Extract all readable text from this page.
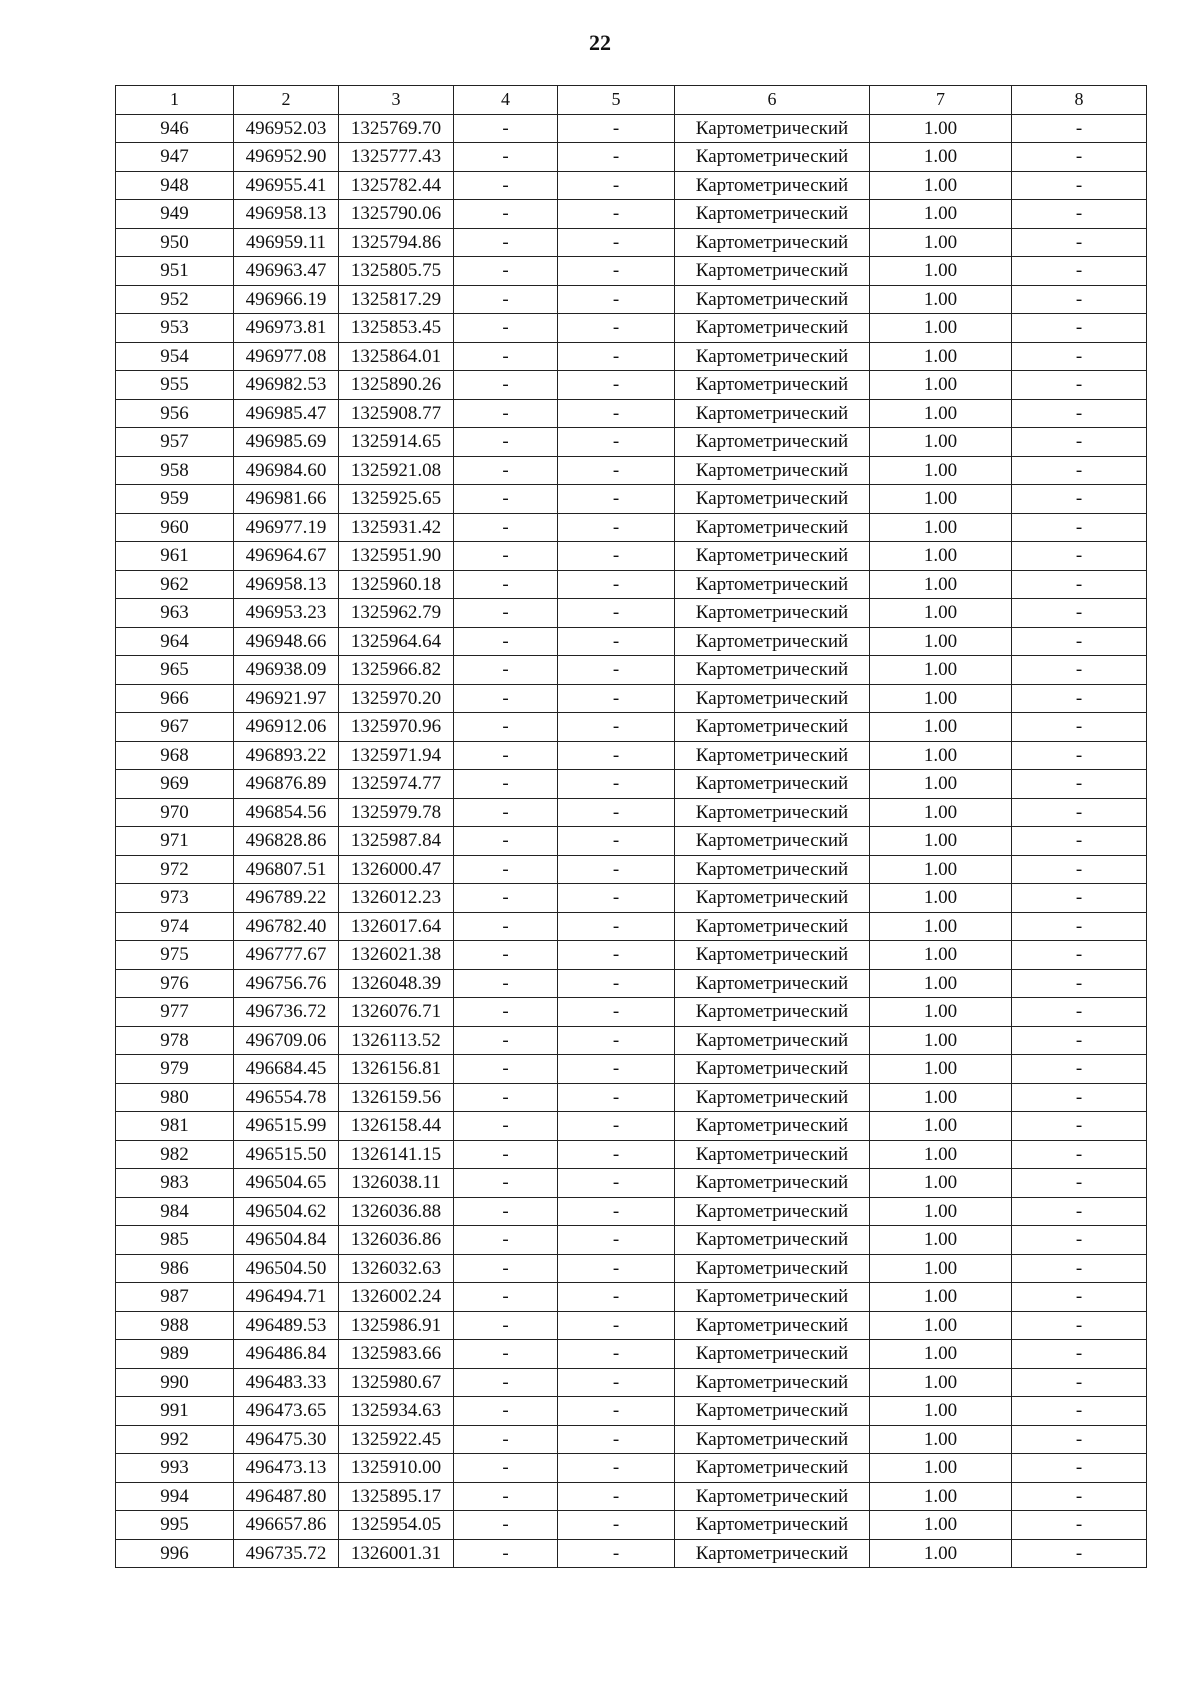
22
1	2	3	4	5	6	7	8
946	496952.03	1325769.70	-	-	Картометрический	1.00	-
947	496952.90	1325777.43	-	-	Картометрический	1.00	-
948	496955.41	1325782.44	-	-	Картометрический	1.00	-
949	496958.13	1325790.06	-	-	Картометрический	1.00	-
950	496959.11	1325794.86	-	-	Картометрический	1.00	-
951	496963.47	1325805.75	-	-	Картометрический	1.00	-
952	496966.19	1325817.29	-	-	Картометрический	1.00	-
953	496973.81	1325853.45	-	-	Картометрический	1.00	-
954	496977.08	1325864.01	-	-	Картометрический	1.00	-
955	496982.53	1325890.26	-	-	Картометрический	1.00	-
956	496985.47	1325908.77	-	-	Картометрический	1.00	-
957	496985.69	1325914.65	-	-	Картометрический	1.00	-
958	496984.60	1325921.08	-	-	Картометрический	1.00	-
959	496981.66	1325925.65	-	-	Картометрический	1.00	-
960	496977.19	1325931.42	-	-	Картометрический	1.00	-
961	496964.67	1325951.90	-	-	Картометрический	1.00	-
962	496958.13	1325960.18	-	-	Картометрический	1.00	-
963	496953.23	1325962.79	-	-	Картометрический	1.00	-
964	496948.66	1325964.64	-	-	Картометрический	1.00	-
965	496938.09	1325966.82	-	-	Картометрический	1.00	-
966	496921.97	1325970.20	-	-	Картометрический	1.00	-
967	496912.06	1325970.96	-	-	Картометрический	1.00	-
968	496893.22	1325971.94	-	-	Картометрический	1.00	-
969	496876.89	1325974.77	-	-	Картометрический	1.00	-
970	496854.56	1325979.78	-	-	Картометрический	1.00	-
971	496828.86	1325987.84	-	-	Картометрический	1.00	-
972	496807.51	1326000.47	-	-	Картометрический	1.00	-
973	496789.22	1326012.23	-	-	Картометрический	1.00	-
974	496782.40	1326017.64	-	-	Картометрический	1.00	-
975	496777.67	1326021.38	-	-	Картометрический	1.00	-
976	496756.76	1326048.39	-	-	Картометрический	1.00	-
977	496736.72	1326076.71	-	-	Картометрический	1.00	-
978	496709.06	1326113.52	-	-	Картометрический	1.00	-
979	496684.45	1326156.81	-	-	Картометрический	1.00	-
980	496554.78	1326159.56	-	-	Картометрический	1.00	-
981	496515.99	1326158.44	-	-	Картометрический	1.00	-
982	496515.50	1326141.15	-	-	Картометрический	1.00	-
983	496504.65	1326038.11	-	-	Картометрический	1.00	-
984	496504.62	1326036.88	-	-	Картометрический	1.00	-
985	496504.84	1326036.86	-	-	Картометрический	1.00	-
986	496504.50	1326032.63	-	-	Картометрический	1.00	-
987	496494.71	1326002.24	-	-	Картометрический	1.00	-
988	496489.53	1325986.91	-	-	Картометрический	1.00	-
989	496486.84	1325983.66	-	-	Картометрический	1.00	-
990	496483.33	1325980.67	-	-	Картометрический	1.00	-
991	496473.65	1325934.63	-	-	Картометрический	1.00	-
992	496475.30	1325922.45	-	-	Картометрический	1.00	-
993	496473.13	1325910.00	-	-	Картометрический	1.00	-
994	496487.80	1325895.17	-	-	Картометрический	1.00	-
995	496657.86	1325954.05	-	-	Картометрический	1.00	-
996	496735.72	1326001.31	-	-	Картометрический	1.00	-
